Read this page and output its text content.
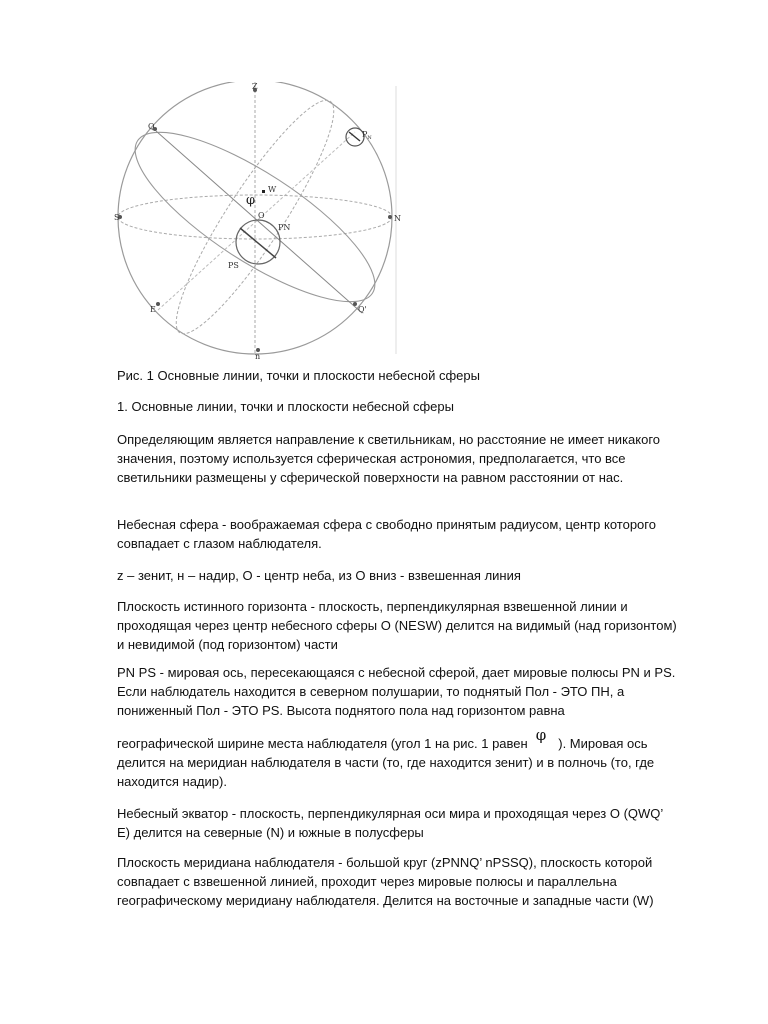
Z
Q
$P_N$
W
φ
O
S	N
PN
PS
E	Q'
n

Рис. 1 Основные линии, точки и плоскости небесной сферы

1. Основные линии, точки и плоскости небесной сферы

Определяющим является направление к светильникам, но расстояние не имеет никакого значения, поэтому используется сферическая астрономия, предполагается, что все светильники размещены у сферической поверхности на равном расстоянии от нас.

Небесная сфера - воображаемая сфера с свободно принятым радиусом, центр которого совпадает с глазом наблюдателя.

z – зенит, н – надир, O - центр неба, из O вниз - взвешенная линия

Плоскость истинного горизонта - плоскость, перпендикулярная взвешенной линии и проходящая через центр небесного сферы O (NESW) делится на видимый (над горизонтом) и невидимой (под горизонтом) части

PN PS - мировая ось, пересекающаяся с небесной сферой, дает мировые полюсы PN и PS. Если наблюдатель находится в северном полушарии, то поднятый Пол - ЭТО ПН, а пониженный Пол - ЭТО PS. Высота поднятого пола над горизонтом равна

географической ширине места наблюдателя (угол 1 на рис. 1 равен φ ). Мировая ось делится на меридиан наблюдателя в части (то, где находится зенит) и в полночь (то, где находится надир).

Небесный экватор - плоскость, перпендикулярная оси мира и проходящая через O (QWQ’ E) делится на северные (N) и южные в полусферы

Плоскость меридиана наблюдателя - большой круг (zPNNQ’ nPSSQ), плоскость которой совпадает с взвешенной линией, проходит через мировые полюсы и параллельна географическому меридиану наблюдателя. Делится на восточные и западные части (W)
